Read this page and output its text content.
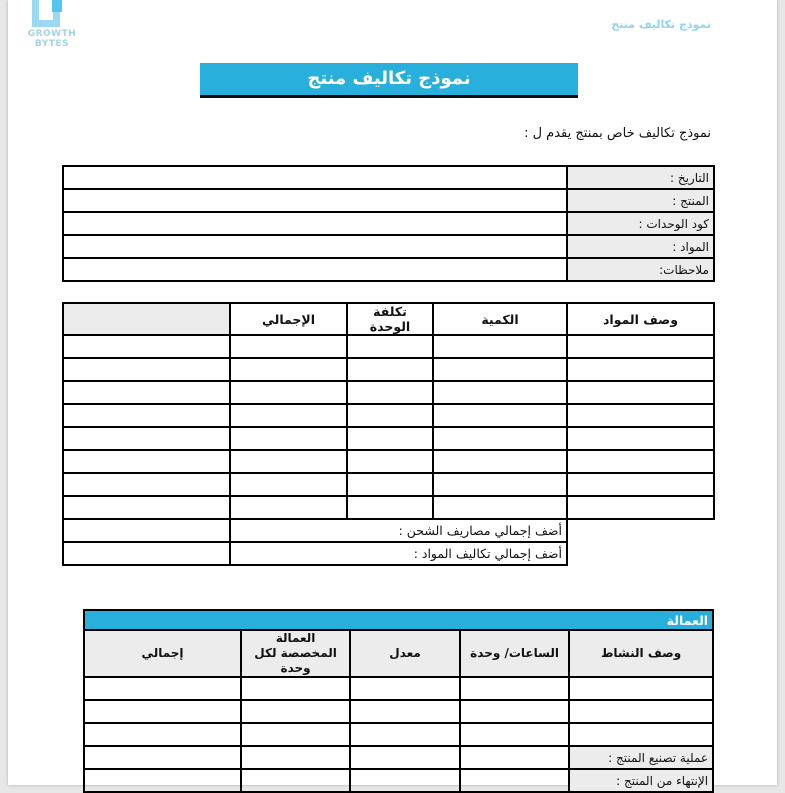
GROWTH
BYTES
نموذج تكاليف منتج
نموذج تكاليف منتج
نموذج تكاليف خاص بمنتج يقدم ل :
التاريخ :	
المنتج :	
كود الوحدات :	
المواد :	
ملاحظات:	
وصف المواد	الكمية	تكلفة الوحدة	الإجمالي	

	أضف إجمالي مصاريف الشحن :			
	أضف إجمالي تكاليف المواد :			
العمالة				
وصف النشاط	الساعات/ وحدة	معدل	العمالة المخصصة لكل وحدة	إجمالي

عملية تصنيع المنتج :				
الإنتهاء من المنتج :				
